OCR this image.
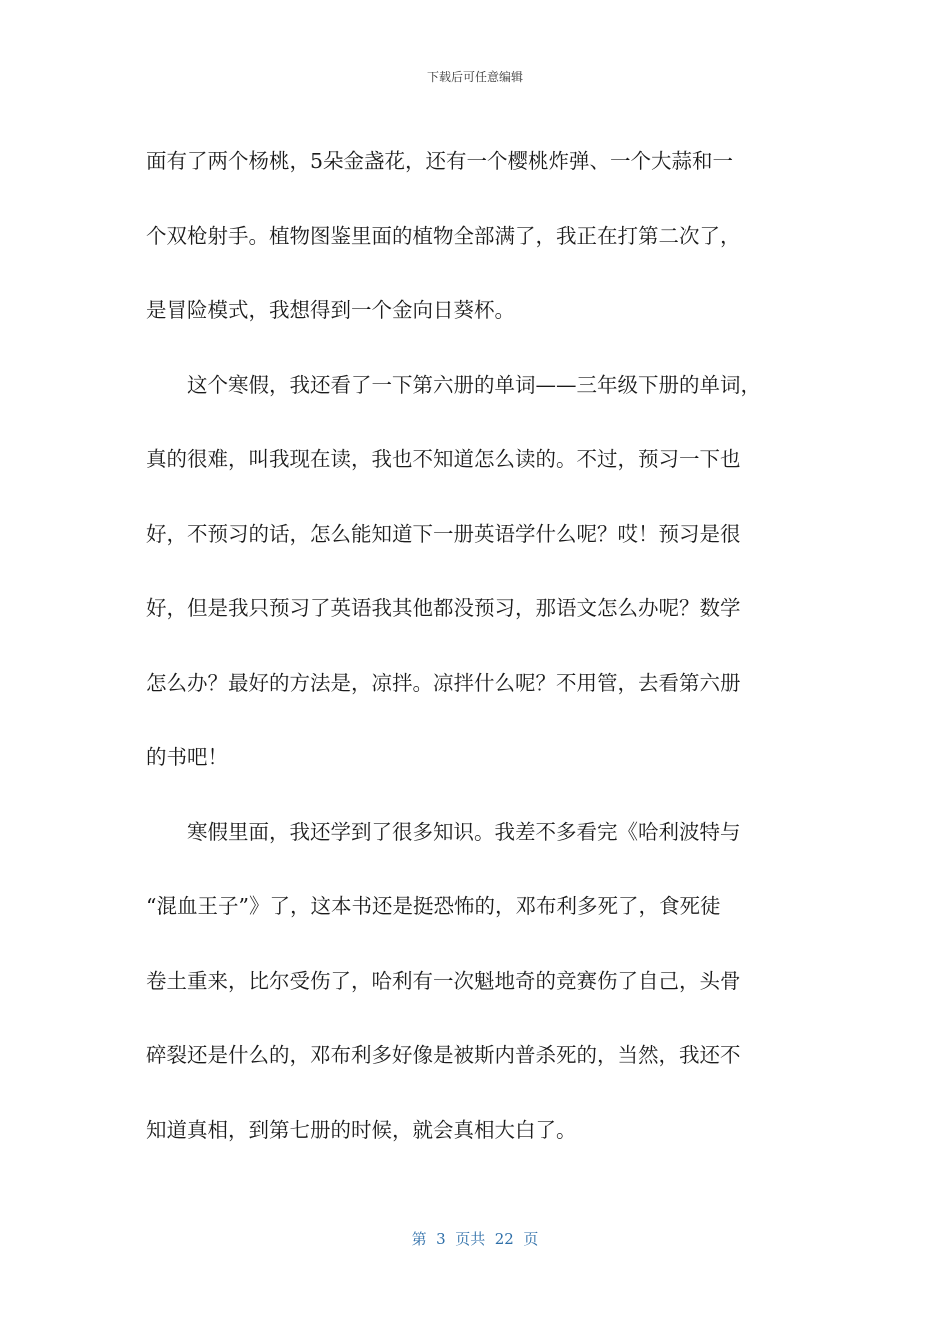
下载后可任意编辑
面有了两个杨桃，5朵金盏花，还有一个樱桃炸弹、一个大蒜和一
个双枪射手。植物图鉴里面的植物全部满了，我正在打第二次了，
是冒险模式，我想得到一个金向日葵杯。
　　这个寒假，我还看了一下第六册的单词——三年级下册的单词，
真的很难，叫我现在读，我也不知道怎么读的。不过，预习一下也
好，不预习的话，怎么能知道下一册英语学什么呢？哎！预习是很
好，但是我只预习了英语我其他都没预习，那语文怎么办呢？数学
怎么办？最好的方法是，凉拌。凉拌什么呢？不用管，去看第六册
的书吧！
　　寒假里面，我还学到了很多知识。我差不多看完《哈利波特与
“混血王子”》了，这本书还是挺恐怖的，邓布利多死了，食死徒
卷土重来，比尔受伤了，哈利有一次魁地奇的竞赛伤了自己，头骨
碎裂还是什么的，邓布利多好像是被斯内普杀死的，当然，我还不
知道真相，到第七册的时候，就会真相大白了。
第  3  页共  22  页
